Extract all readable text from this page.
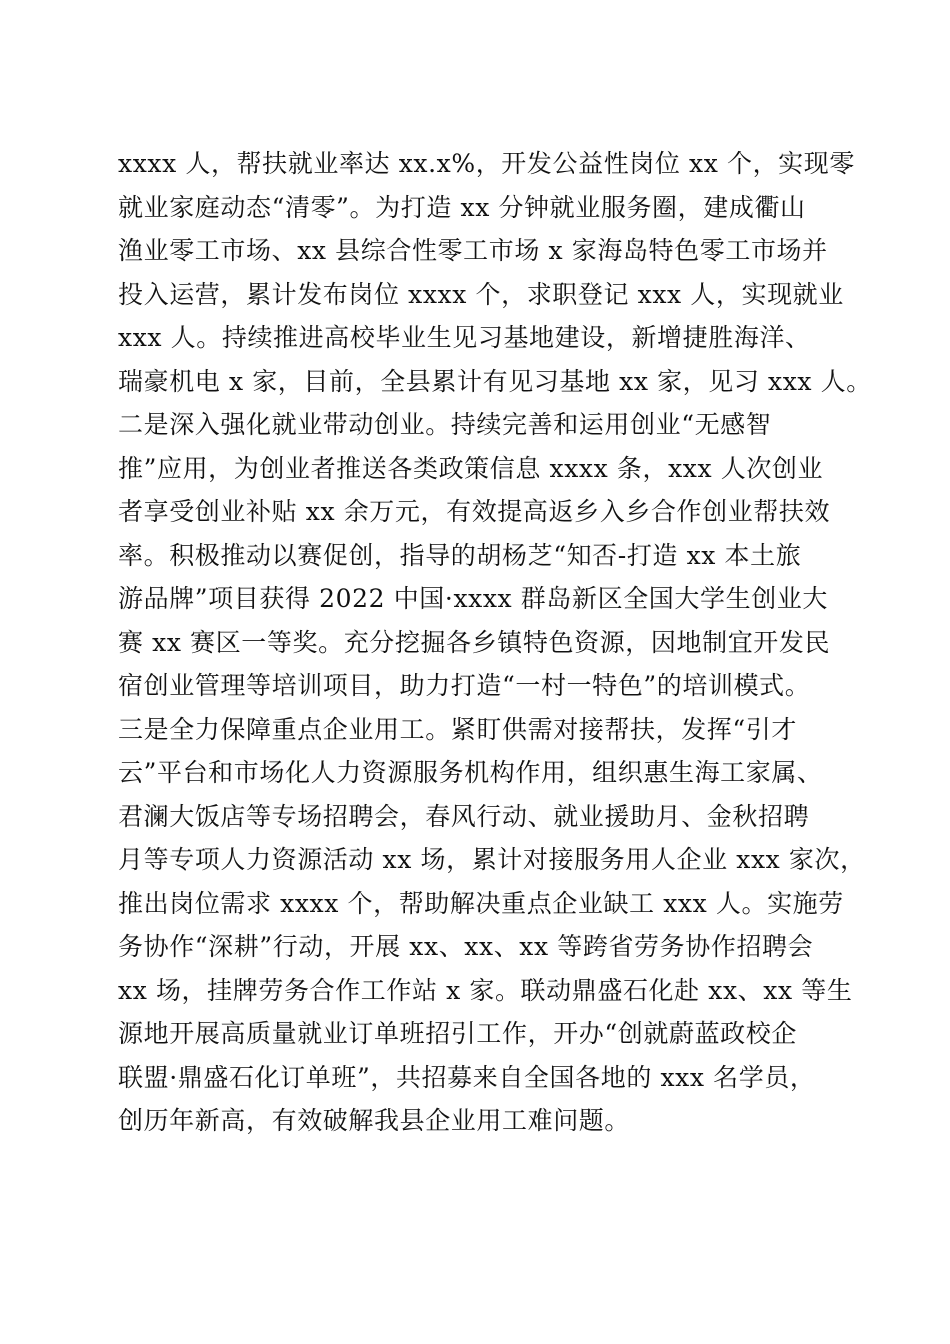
xxxx 人，帮扶就业率达 xx.x%，开发公益性岗位 xx 个，实现零
就业家庭动态“清零”。为打造 xx 分钟就业服务圈，建成衢山
渔业零工市场、xx 县综合性零工市场 x 家海岛特色零工市场并
投入运营，累计发布岗位 xxxx 个，求职登记 xxx 人，实现就业
xxx 人。持续推进高校毕业生见习基地建设，新增捷胜海洋、
瑞豪机电 x 家，目前，全县累计有见习基地 xx 家，见习 xxx 人。
二是深入强化就业带动创业。持续完善和运用创业“无感智
推”应用，为创业者推送各类政策信息 xxxx 条，xxx 人次创业
者享受创业补贴 xx 余万元，有效提高返乡入乡合作创业帮扶效
率。积极推动以赛促创，指导的胡杨芝“知否-打造 xx 本土旅
游品牌”项目获得 2022 中国·xxxx 群岛新区全国大学生创业大
赛 xx 赛区一等奖。充分挖掘各乡镇特色资源，因地制宜开发民
宿创业管理等培训项目，助力打造“一村一特色”的培训模式。
三是全力保障重点企业用工。紧盯供需对接帮扶，发挥“引才
云”平台和市场化人力资源服务机构作用，组织惠生海工家属、
君澜大饭店等专场招聘会，春风行动、就业援助月、金秋招聘
月等专项人力资源活动 xx 场，累计对接服务用人企业 xxx 家次，
推出岗位需求 xxxx 个，帮助解决重点企业缺工 xxx 人。实施劳
务协作“深耕”行动，开展 xx、xx、xx 等跨省劳务协作招聘会
xx 场，挂牌劳务合作工作站 x 家。联动鼎盛石化赴 xx、xx 等生
源地开展高质量就业订单班招引工作，开办“创就蔚蓝政校企
联盟·鼎盛石化订单班”，共招募来自全国各地的 xxx 名学员，
创历年新高，有效破解我县企业用工难问题。
